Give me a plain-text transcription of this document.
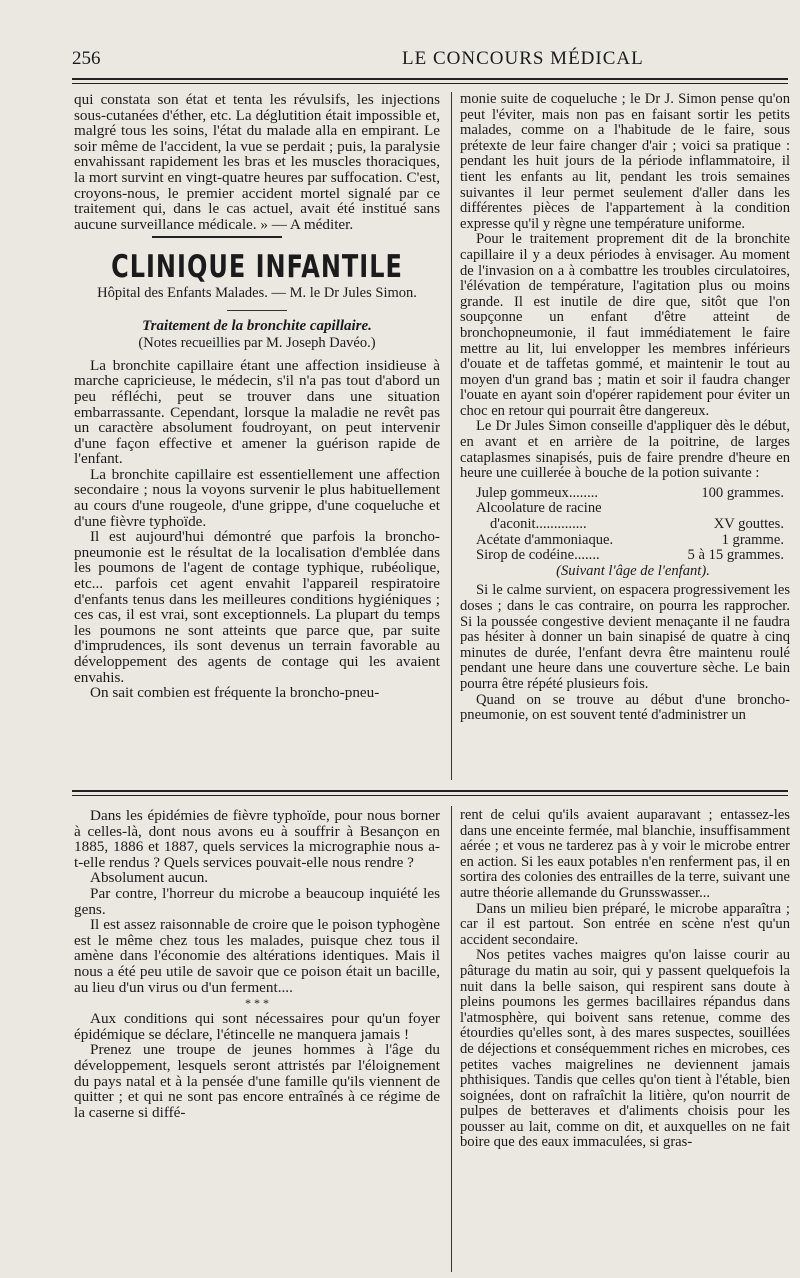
256	LE CONCOURS MÉDICAL

qui constata son état et tenta les révulsifs, les injections sous-cutanées d'éther, etc. La déglutition était impossible et, malgré tous les soins, l'état du malade alla en empirant. Le soir même de l'accident, la vue se perdait ; puis, la paralysie envahissant rapidement les bras et les muscles thoraciques, la mort survint en vingt-quatre heures par suffocation. C'est, croyons-nous, le premier accident mortel signalé par ce traitement qui, dans le cas actuel, avait été institué sans aucune surveillance médicale. » — A méditer.

CLINIQUE INFANTILE
Hôpital des Enfants Malades. — M. le Dr Jules Simon.
Traitement de la bronchite capillaire.
(Notes recueillies par M. Joseph Davéo.)

La bronchite capillaire étant une affection insidieuse à marche capricieuse, le médecin, s'il n'a pas tout d'abord un peu réfléchi, peut se trouver dans une situation embarrassante. Cependant, lorsque la maladie ne revêt pas un caractère absolument foudroyant, on peut intervenir d'une façon effective et amener la guérison rapide de l'enfant.

La bronchite capillaire est essentiellement une affection secondaire ; nous la voyons survenir le plus habituellement au cours d'une rougeole, d'une grippe, d'une coqueluche et d'une fièvre typhoïde.

Il est aujourd'hui démontré que parfois la broncho-pneumonie est le résultat de la localisation d'emblée dans les poumons de l'agent de contage typhique, rubéolique, etc... parfois cet agent envahit l'appareil respiratoire d'enfants tenus dans les meilleures conditions hygiéniques ; ces cas, il est vrai, sont exceptionnels. La plupart du temps les poumons ne sont atteints que parce que, par suite d'imprudences, ils sont devenus un terrain favorable au développement des agents de contage qui les avaient envahis.

On sait combien est fréquente la broncho-pneu-

monie suite de coqueluche ; le Dr J. Simon pense qu'on peut l'éviter, mais non pas en faisant sortir les petits malades, comme on a l'habitude de le faire, sous prétexte de leur faire changer d'air ; voici sa pratique : pendant les huit jours de la période inflammatoire, il tient les enfants au lit, pendant les trois semaines suivantes il leur permet seulement d'aller dans les différentes pièces de l'appartement à la condition expresse qu'il y règne une température uniforme.

Pour le traitement proprement dit de la bronchite capillaire il y a deux périodes à envisager. Au moment de l'invasion on a à combattre les troubles circulatoires, l'élévation de température, l'agitation plus ou moins grande. Il est inutile de dire que, sitôt que l'on soupçonne un enfant d'être atteint de bronchopneumonie, il faut immédiatement le faire mettre au lit, lui envelopper les membres inférieurs d'ouate et de taffetas gommé, et maintenir le tout au moyen d'un grand bas ; matin et soir il faudra changer l'ouate en ayant soin d'opérer rapidement pour éviter un choc en retour qui pourrait être dangereux.

Le Dr Jules Simon conseille d'appliquer dès le début, en avant et en arrière de la poitrine, de larges cataplasmes sinapisés, puis de faire prendre d'heure en heure une cuillerée à bouche de la potion suivante :

Julep gommeux........	100 grammes.
Alcoolature de racine
d'aconit..............	XV gouttes.
Acétate d'ammoniaque.	1 gramme.
Sirop de codéine.......	5 à 15 grammes.
(Suivant l'âge de l'enfant).

Si le calme survient, on espacera progressivement les doses ; dans le cas contraire, on pourra les rapprocher. Si la poussée congestive devient menaçante il ne faudra pas hésiter à donner un bain sinapisé de quatre à cinq minutes de durée, l'enfant devra être maintenu roulé pendant une heure dans une couverture sèche. Le bain pourra être répété plusieurs fois.

Quand on se trouve au début d'une broncho-pneumonie, on est souvent tenté d'administrer un

Dans les épidémies de fièvre typhoïde, pour nous borner à celles-là, dont nous avons eu à souffrir à Besançon en 1885, 1886 et 1887, quels services la micrographie nous a-t-elle rendus ? Quels services pouvait-elle nous rendre ?

Absolument aucun.

Par contre, l'horreur du microbe a beaucoup inquiété les gens.

Il est assez raisonnable de croire que le poison typhogène est le même chez tous les malades, puisque chez tous il amène dans l'économie des altérations identiques. Mais il nous a été peu utile de savoir que ce poison était un bacille, au lieu d'un virus ou d'un ferment....

* * *

Aux conditions qui sont nécessaires pour qu'un foyer épidémique se déclare, l'étincelle ne manquera jamais !

Prenez une troupe de jeunes hommes à l'âge du développement, lesquels seront attristés par l'éloignement du pays natal et à la pensée d'une famille qu'ils viennent de quitter ; et qui ne sont pas encore entraînés à ce régime de la caserne si diffé-

rent de celui qu'ils avaient auparavant ; entassez-les dans une enceinte fermée, mal blanchie, insuffisamment aérée ; et vous ne tarderez pas à y voir le microbe entrer en action. Si les eaux potables n'en renferment pas, il en sortira des colonies des entrailles de la terre, suivant une autre théorie allemande du Grunsswasser...

Dans un milieu bien préparé, le microbe apparaîtra ; car il est partout. Son entrée en scène n'est qu'un accident secondaire.

Nos petites vaches maigres qu'on laisse courir au pâturage du matin au soir, qui y passent quelquefois la nuit dans la belle saison, qui respirent sans doute à pleins poumons les germes bacillaires répandus dans l'atmosphère, qui boivent sans retenue, comme des étourdies qu'elles sont, à des mares suspectes, souillées de déjections et conséquemment riches en microbes, ces petites vaches maigrelines ne deviennent jamais phthisiques. Tandis que celles qu'on tient à l'étable, bien soignées, dont on rafraîchit la litière, qu'on nourrit de pulpes de betteraves et d'aliments choisis pour les pousser au lait, comme on dit, et auxquelles on ne fait boire que des eaux immaculées, si gras-
